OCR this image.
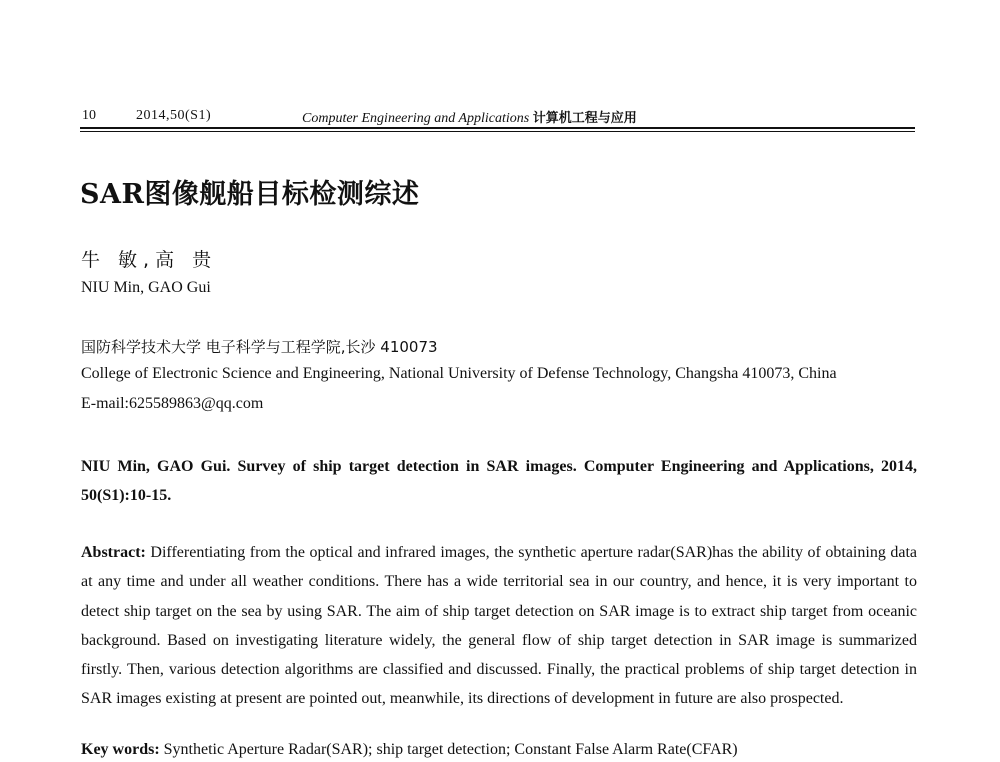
10	2014,50(S1)	Computer Engineering and Applications 计算机工程与应用
SAR图像舰船目标检测综述
牛 敏,高 贵
NIU Min, GAO Gui
国防科学技术大学 电子科学与工程学院,长沙 410073
College of Electronic Science and Engineering, National University of Defense Technology, Changsha 410073, China
E-mail:625589863@qq.com

NIU Min, GAO Gui. Survey of ship target detection in SAR images. Computer Engineering and Applications, 2014, 50(S1):10-15.

Abstract: Differentiating from the optical and infrared images, the synthetic aperture radar(SAR)has the ability of obtaining data at any time and under all weather conditions. There has a wide territorial sea in our country, and hence, it is very important to detect ship target on the sea by using SAR. The aim of ship target detection on SAR image is to extract ship target from oceanic background. Based on investigating literature widely, the general flow of ship target detection in SAR image is summarized firstly. Then, various detection algorithms are classified and discussed. Finally, the practical problems of ship target detection in SAR images existing at present are pointed out, meanwhile, its directions of development in future are also prospected.

Key words: Synthetic Aperture Radar(SAR); ship target detection; Constant False Alarm Rate(CFAR)
